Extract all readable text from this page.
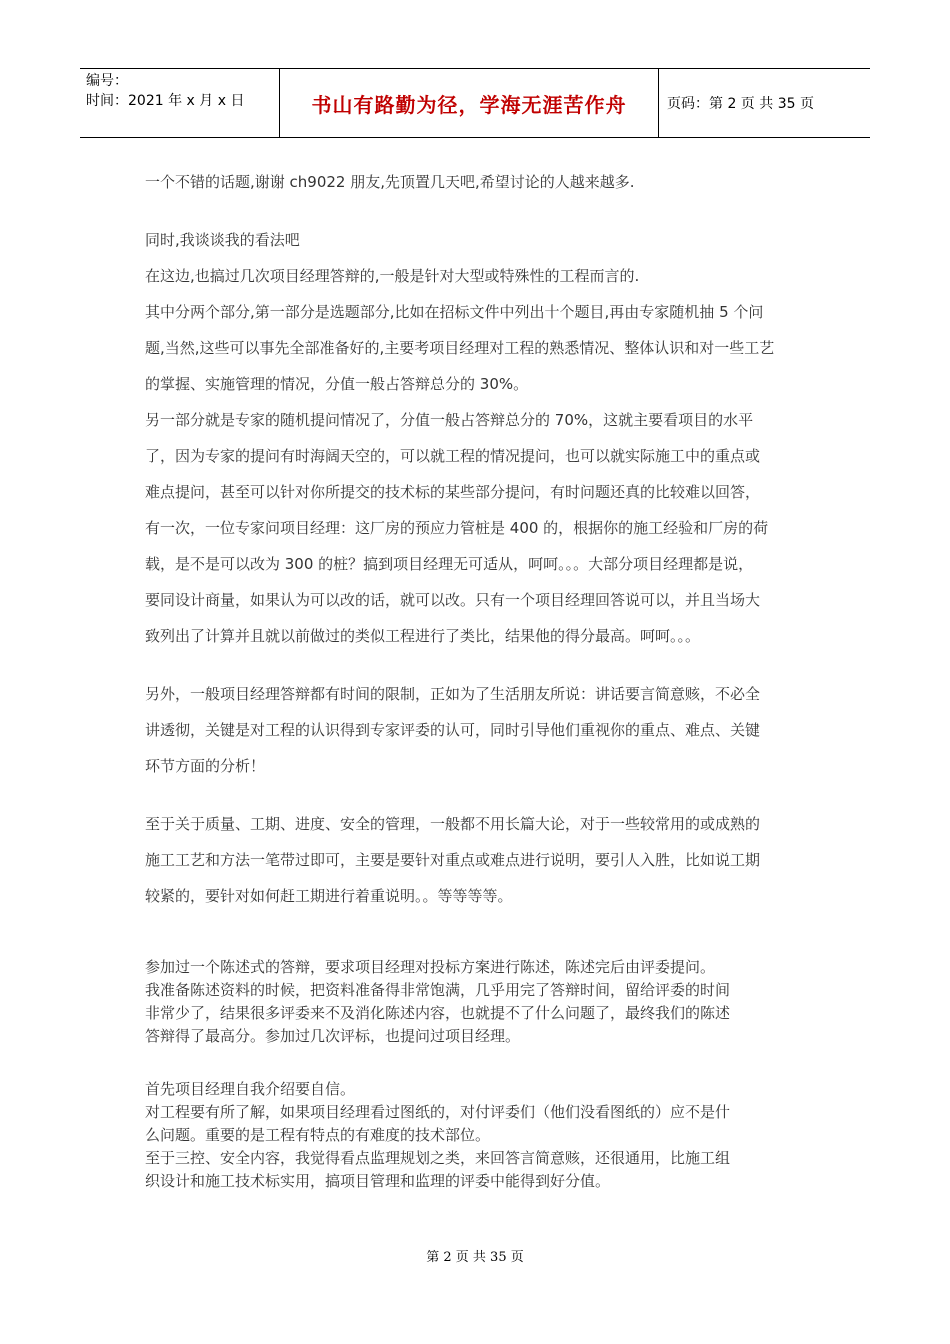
编号：
时间：2021 年 x 月 x 日	书山有路勤为径，学海无涯苦作舟	页码：第 2 页 共 35 页

一个不错的话题,谢谢 ch9022 朋友,先顶置几天吧,希望讨论的人越来越多.

同时,我谈谈我的看法吧

在这边,也搞过几次项目经理答辩的,一般是针对大型或特殊性的工程而言的.

其中分两个部分,第一部分是选题部分,比如在招标文件中列出十个题目,再由专家随机抽 5 个问

题,当然,这些可以事先全部准备好的,主要考项目经理对工程的熟悉情况、整体认识和对一些工艺

的掌握、实施管理的情况，分值一般占答辩总分的 30%。

另一部分就是专家的随机提问情况了，分值一般占答辩总分的 70%，这就主要看项目的水平

了，因为专家的提问有时海阔天空的，可以就工程的情况提问，也可以就实际施工中的重点或

难点提问，甚至可以针对你所提交的技术标的某些部分提问，有时问题还真的比较难以回答，

有一次，一位专家问项目经理：这厂房的预应力管桩是 400 的，根据你的施工经验和厂房的荷

载，是不是可以改为 300 的桩？搞到项目经理无可适从，呵呵。。。大部分项目经理都是说，

要同设计商量，如果认为可以改的话，就可以改。只有一个项目经理回答说可以，并且当场大

致列出了计算并且就以前做过的类似工程进行了类比，结果他的得分最高。呵呵。。。

另外，一般项目经理答辩都有时间的限制，正如为了生活朋友所说：讲话要言简意赅，不必全

讲透彻，关键是对工程的认识得到专家评委的认可，同时引导他们重视你的重点、难点、关键

环节方面的分析！

至于关于质量、工期、进度、安全的管理，一般都不用长篇大论，对于一些较常用的或成熟的

施工工艺和方法一笔带过即可，主要是要针对重点或难点进行说明，要引人入胜，比如说工期

较紧的，要针对如何赶工期进行着重说明。。等等等等。

参加过一个陈述式的答辩，要求项目经理对投标方案进行陈述，陈述完后由评委提问。

我准备陈述资料的时候，把资料准备得非常饱满，几乎用完了答辩时间，留给评委的时间

非常少了，结果很多评委来不及消化陈述内容，也就提不了什么问题了，最终我们的陈述

答辩得了最高分。参加过几次评标，也提问过项目经理。

首先项目经理自我介绍要自信。

对工程要有所了解，如果项目经理看过图纸的，对付评委们（他们没看图纸的）应不是什

么问题。重要的是工程有特点的有难度的技术部位。

至于三控、安全内容，我觉得看点监理规划之类，来回答言简意赅，还很通用，比施工组

织设计和施工技术标实用，搞项目管理和监理的评委中能得到好分值。

第 2 页 共 35 页
